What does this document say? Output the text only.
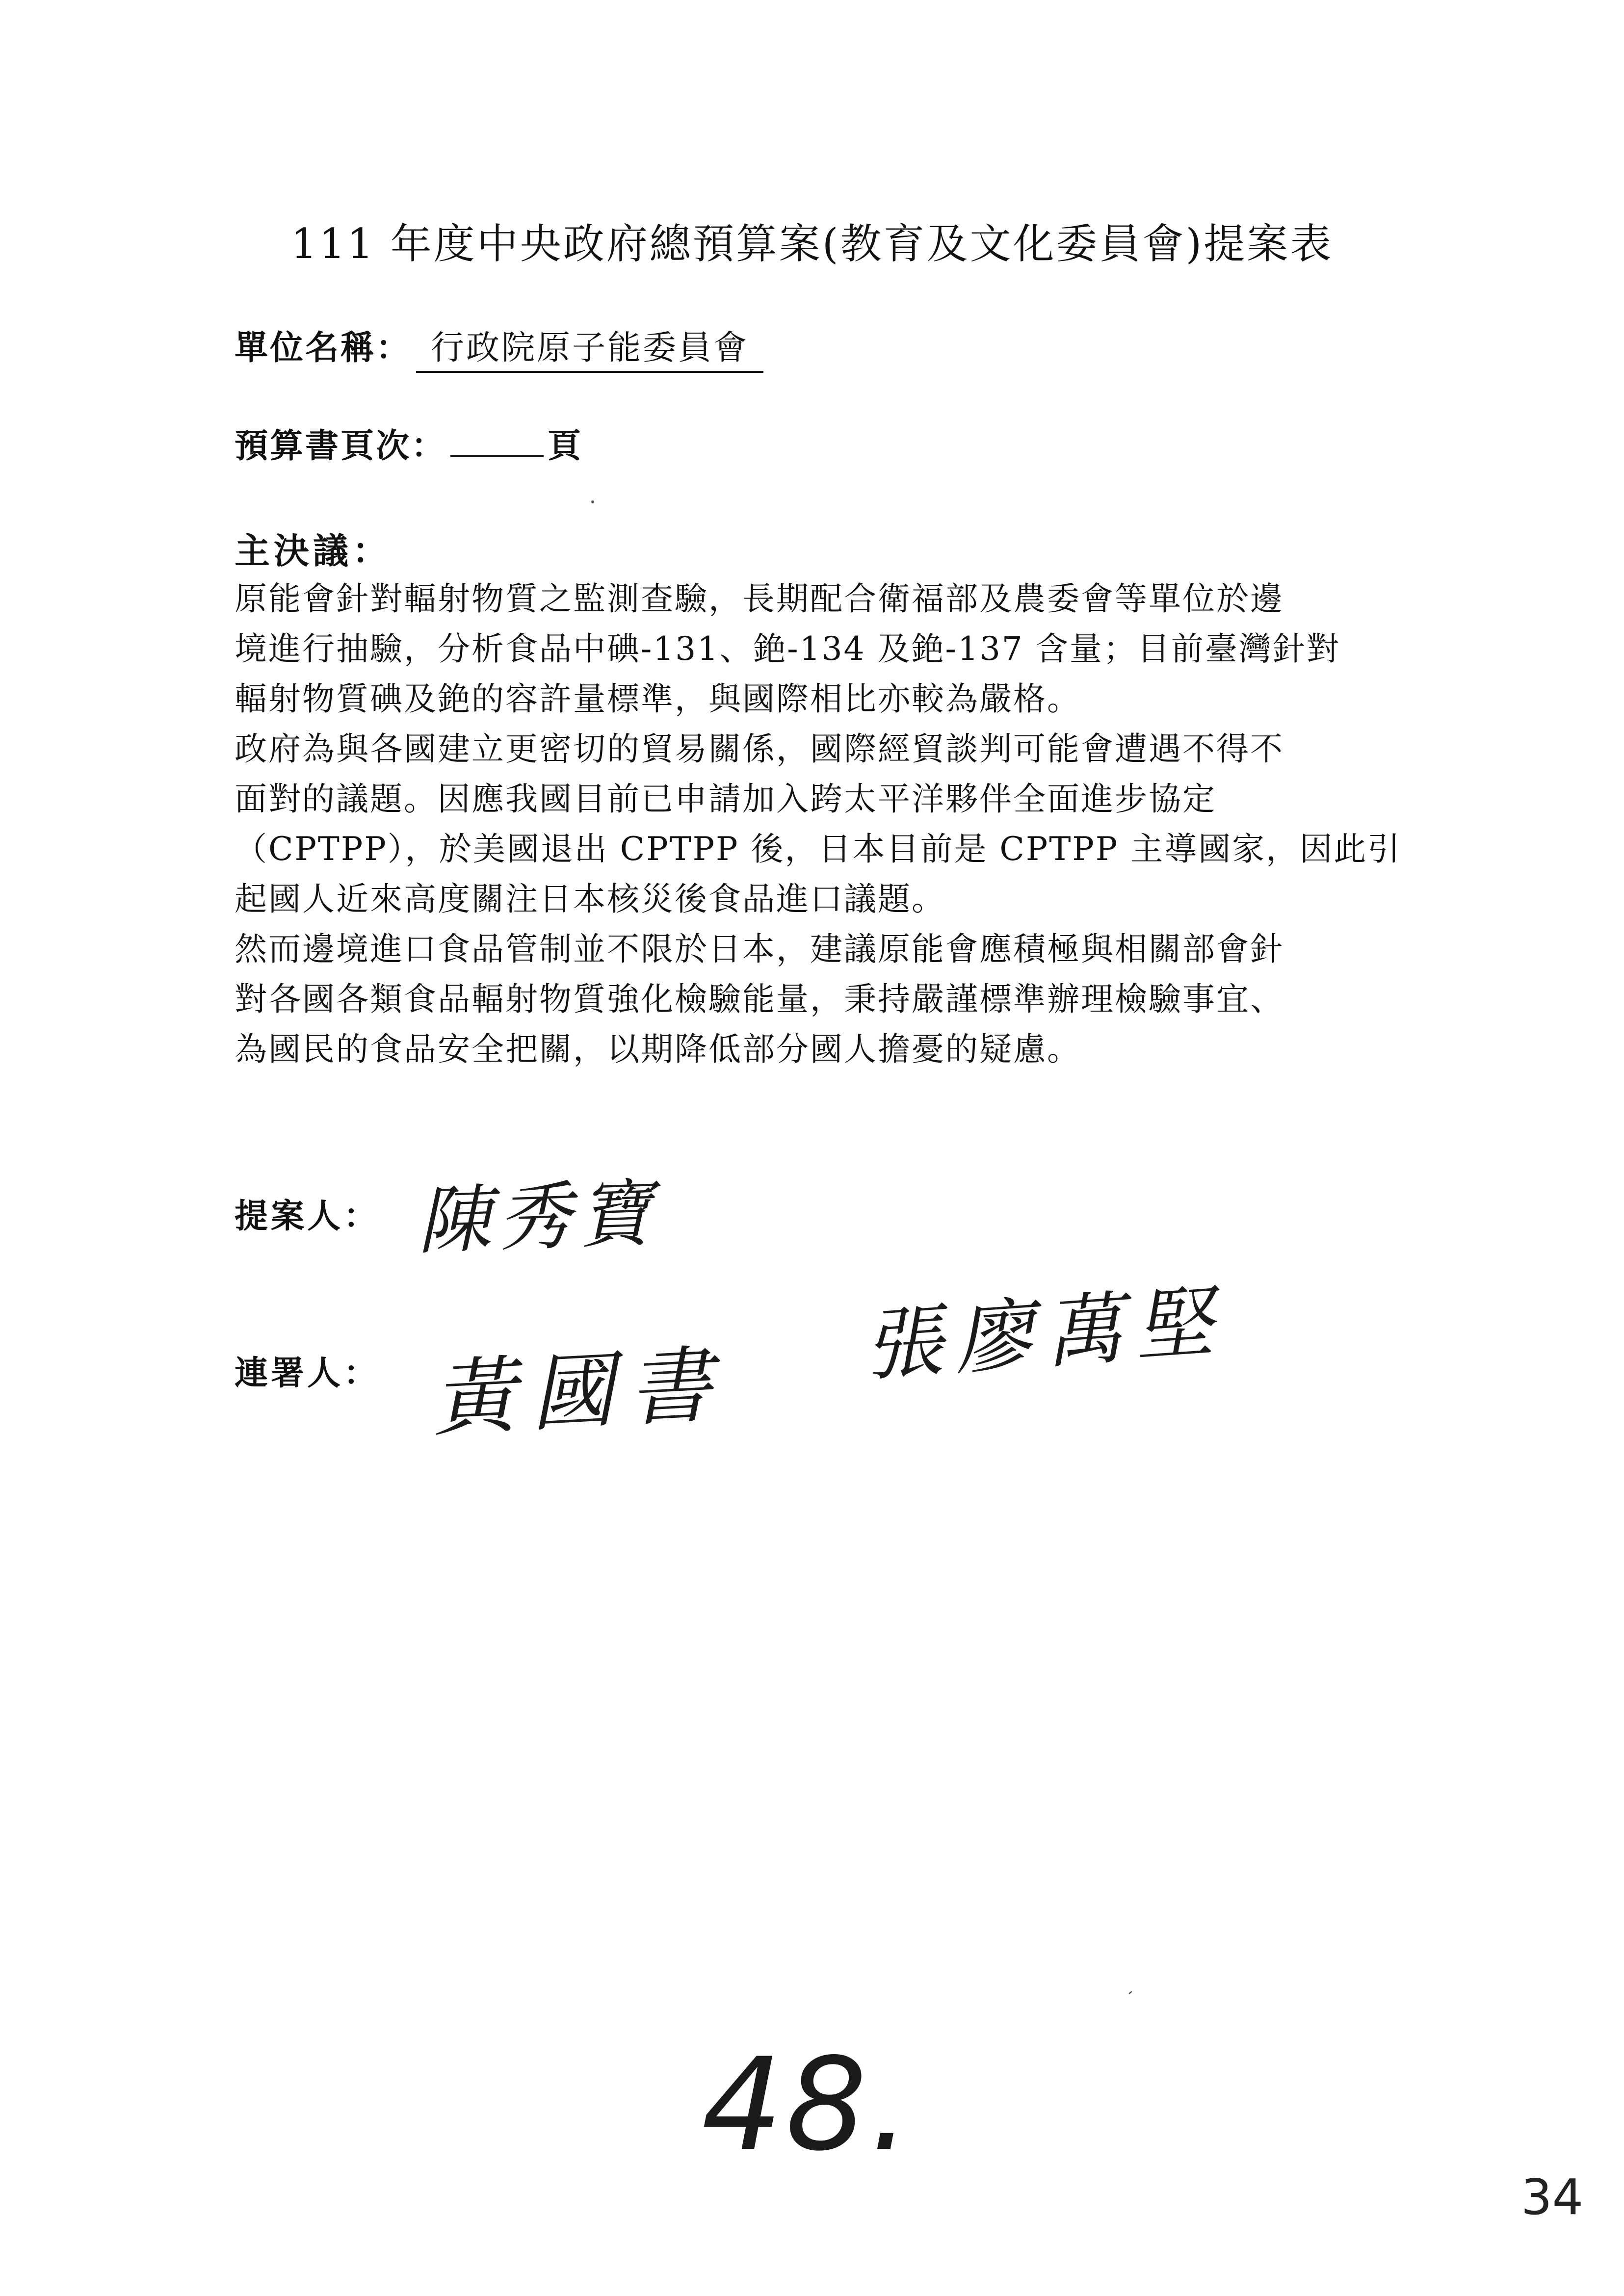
111 年度中央政府總預算案(教育及文化委員會)提案表
單位名稱： 行政院原子能委員會
預算書頁次：	頁
主決議：

原能會針對輻射物質之監測查驗，長期配合衛福部及農委會等單位於邊

境進行抽驗，分析食品中碘-131、銫-134 及銫-137 含量；目前臺灣針對

輻射物質碘及銫的容許量標準，與國際相比亦較為嚴格。

政府為與各國建立更密切的貿易關係，國際經貿談判可能會遭遇不得不

面對的議題。因應我國目前已申請加入跨太平洋夥伴全面進步協定

（CPTPP），於美國退出 CPTPP 後，日本目前是 CPTPP 主導國家，因此引

起國人近來高度關注日本核災後食品進口議題。

然而邊境進口食品管制並不限於日本，建議原能會應積極與相關部會針

對各國各類食品輻射物質強化檢驗能量，秉持嚴謹標準辦理檢驗事宜、

為國民的食品安全把關，以期降低部分國人擔憂的疑慮。

提案人： 陳秀寶
連署人： 黃國書
張廖萬堅
48.
34
